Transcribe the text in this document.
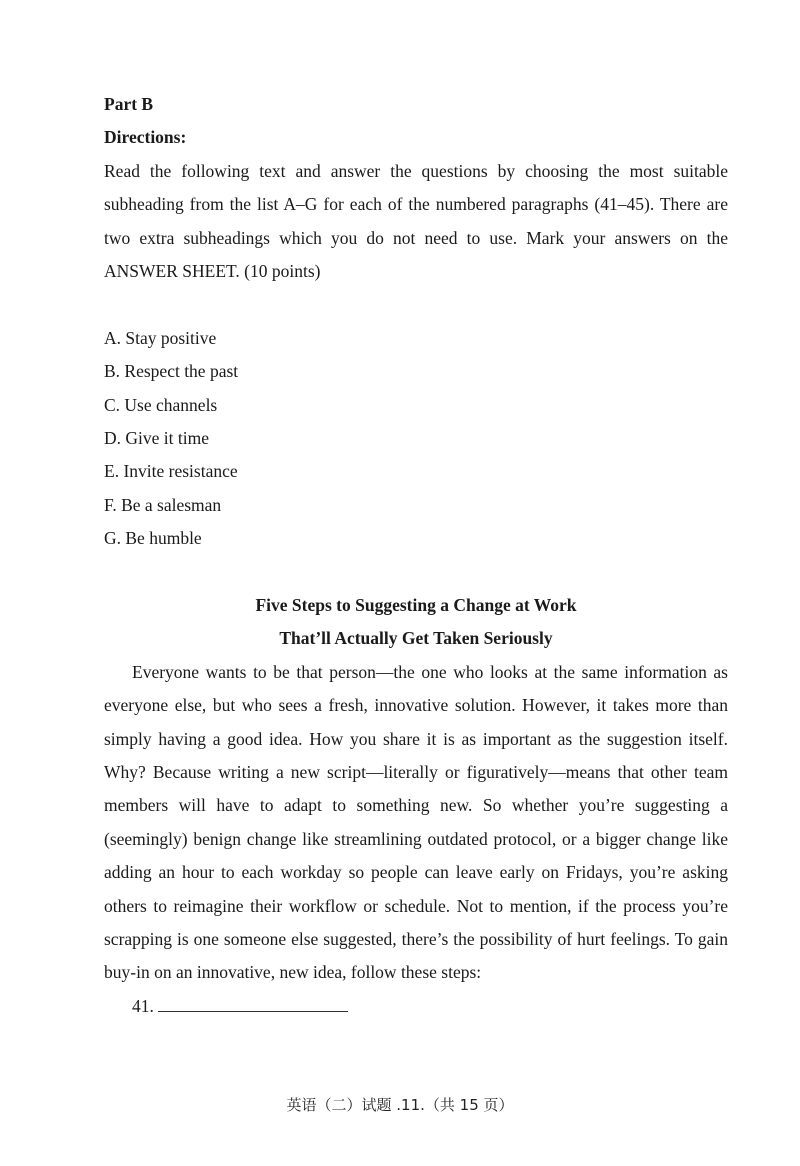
Part B

Directions:

Read the following text and answer the questions by choosing the most suitable subheading from the list A–G for each of the numbered paragraphs (41–45). There are two extra subheadings which you do not need to use. Mark your answers on the ANSWER SHEET. (10 points)

A. Stay positive
B. Respect the past
C. Use channels
D. Give it time
E. Invite resistance
F. Be a salesman
G. Be humble
Five Steps to Suggesting a Change at Work
That’ll Actually Get Taken Seriously

Everyone wants to be that person—the one who looks at the same information as everyone else, but who sees a fresh, innovative solution. However, it takes more than simply having a good idea. How you share it is as important as the suggestion itself. Why? Because writing a new script—literally or figuratively—means that other team members will have to adapt to something new. So whether you’re suggesting a (seemingly) benign change like streamlining outdated protocol, or a bigger change like adding an hour to each workday so people can leave early on Fridays, you’re asking others to reimagine their workflow or schedule. Not to mention, if the process you’re scrapping is one someone else suggested, there’s the possibility of hurt feelings. To gain buy-in on an innovative, new idea, follow these steps:

41.
英语（二）试题 .11.（共 15 页）
